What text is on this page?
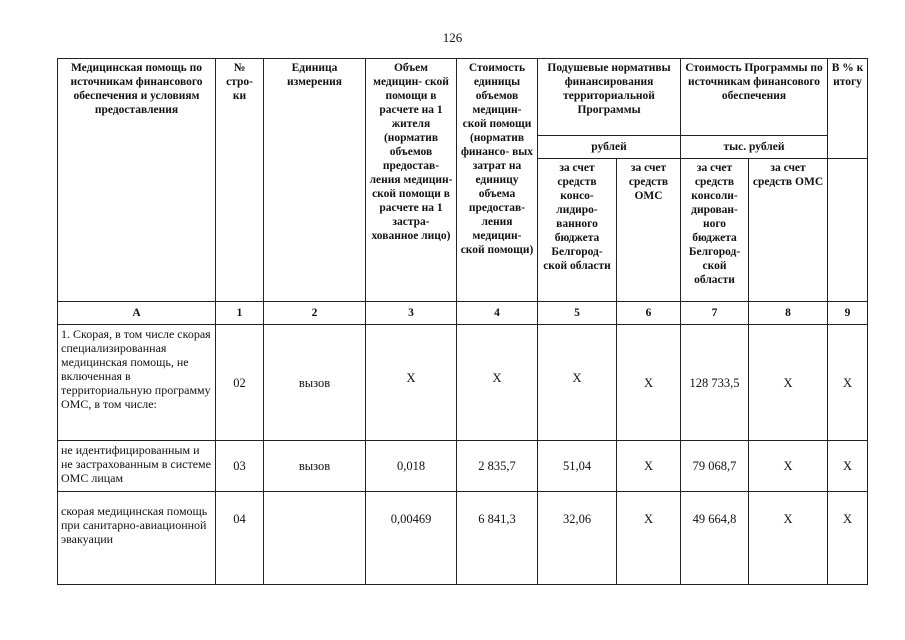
126
Медицинская помощь по источникам финансового обеспечения и условиям предоставления	№ стро- ки	Единица измерения	Объем медицин- ской помощи в расчете на 1 жителя (норматив объемов предостав- ления медицин- ской помощи в расчете на 1 застра- хованное лицо)	Стоимость единицы объемов медицин- ской помощи (норматив финансо- вых затрат на единицу объема предостав- ления медицин- ской помощи)	Подушевые нормативы финансирования территориальной Программы		Стоимость Программы по источникам финансового обеспечения		В % к итогу
					рублей		тыс. рублей		
					за счет средств консо- лидиро- ванного бюджета Белгород- ской области	за счет средств ОМС	за счет средств консоли- дирован- ного бюджета Белгород- ской области	за счет средств ОМС	
А	1	2	3	4	5	6	7	8	9
1. Скорая, в том числе скорая специализированная медицинская помощь, не включенная в территориальную программу ОМС, в том числе:	02	вызов	Х	Х	Х	Х	128 733,5	Х	Х
не идентифицированным и не застрахованным в системе ОМС лицам	03	вызов	0,018	2 835,7	51,04	Х	79 068,7	Х	Х
скорая медицинская помощь при санитарно-авиационной эвакуации	04		0,00469	6 841,3	32,06	Х	49 664,8	Х	Х
